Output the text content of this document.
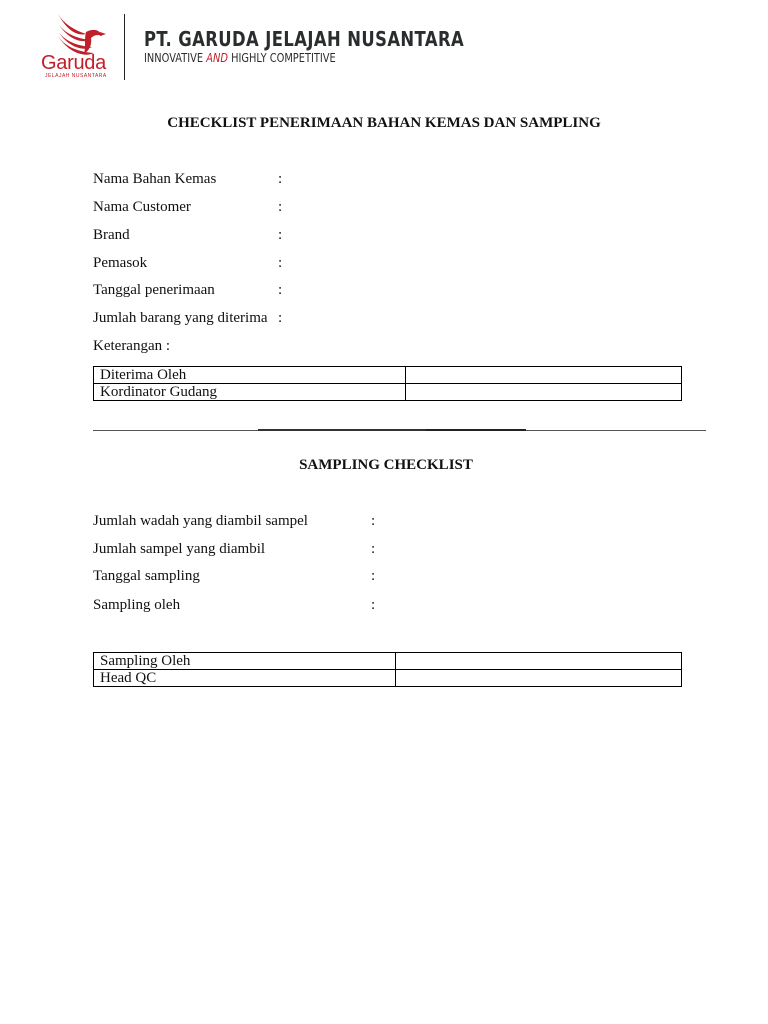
Garuda
JELAJAH NUSANTARA
PT. GARUDA JELAJAH NUSANTARA
INNOVATIVE AND HIGHLY COMPETITIVE
CHECKLIST PENERIMAAN BAHAN KEMAS DAN SAMPLING
Nama Bahan Kemas	:
Nama Customer	:
Brand	:
Pemasok	:
Tanggal penerimaan	:
Jumlah barang yang diterima :
Keterangan :
Diterima Oleh	
Kordinator Gudang	
SAMPLING CHECKLIST
Jumlah wadah yang diambil sampel	:
Jumlah sampel yang diambil	:
Tanggal sampling	:
Sampling oleh	:
Sampling Oleh	
Head QC	
